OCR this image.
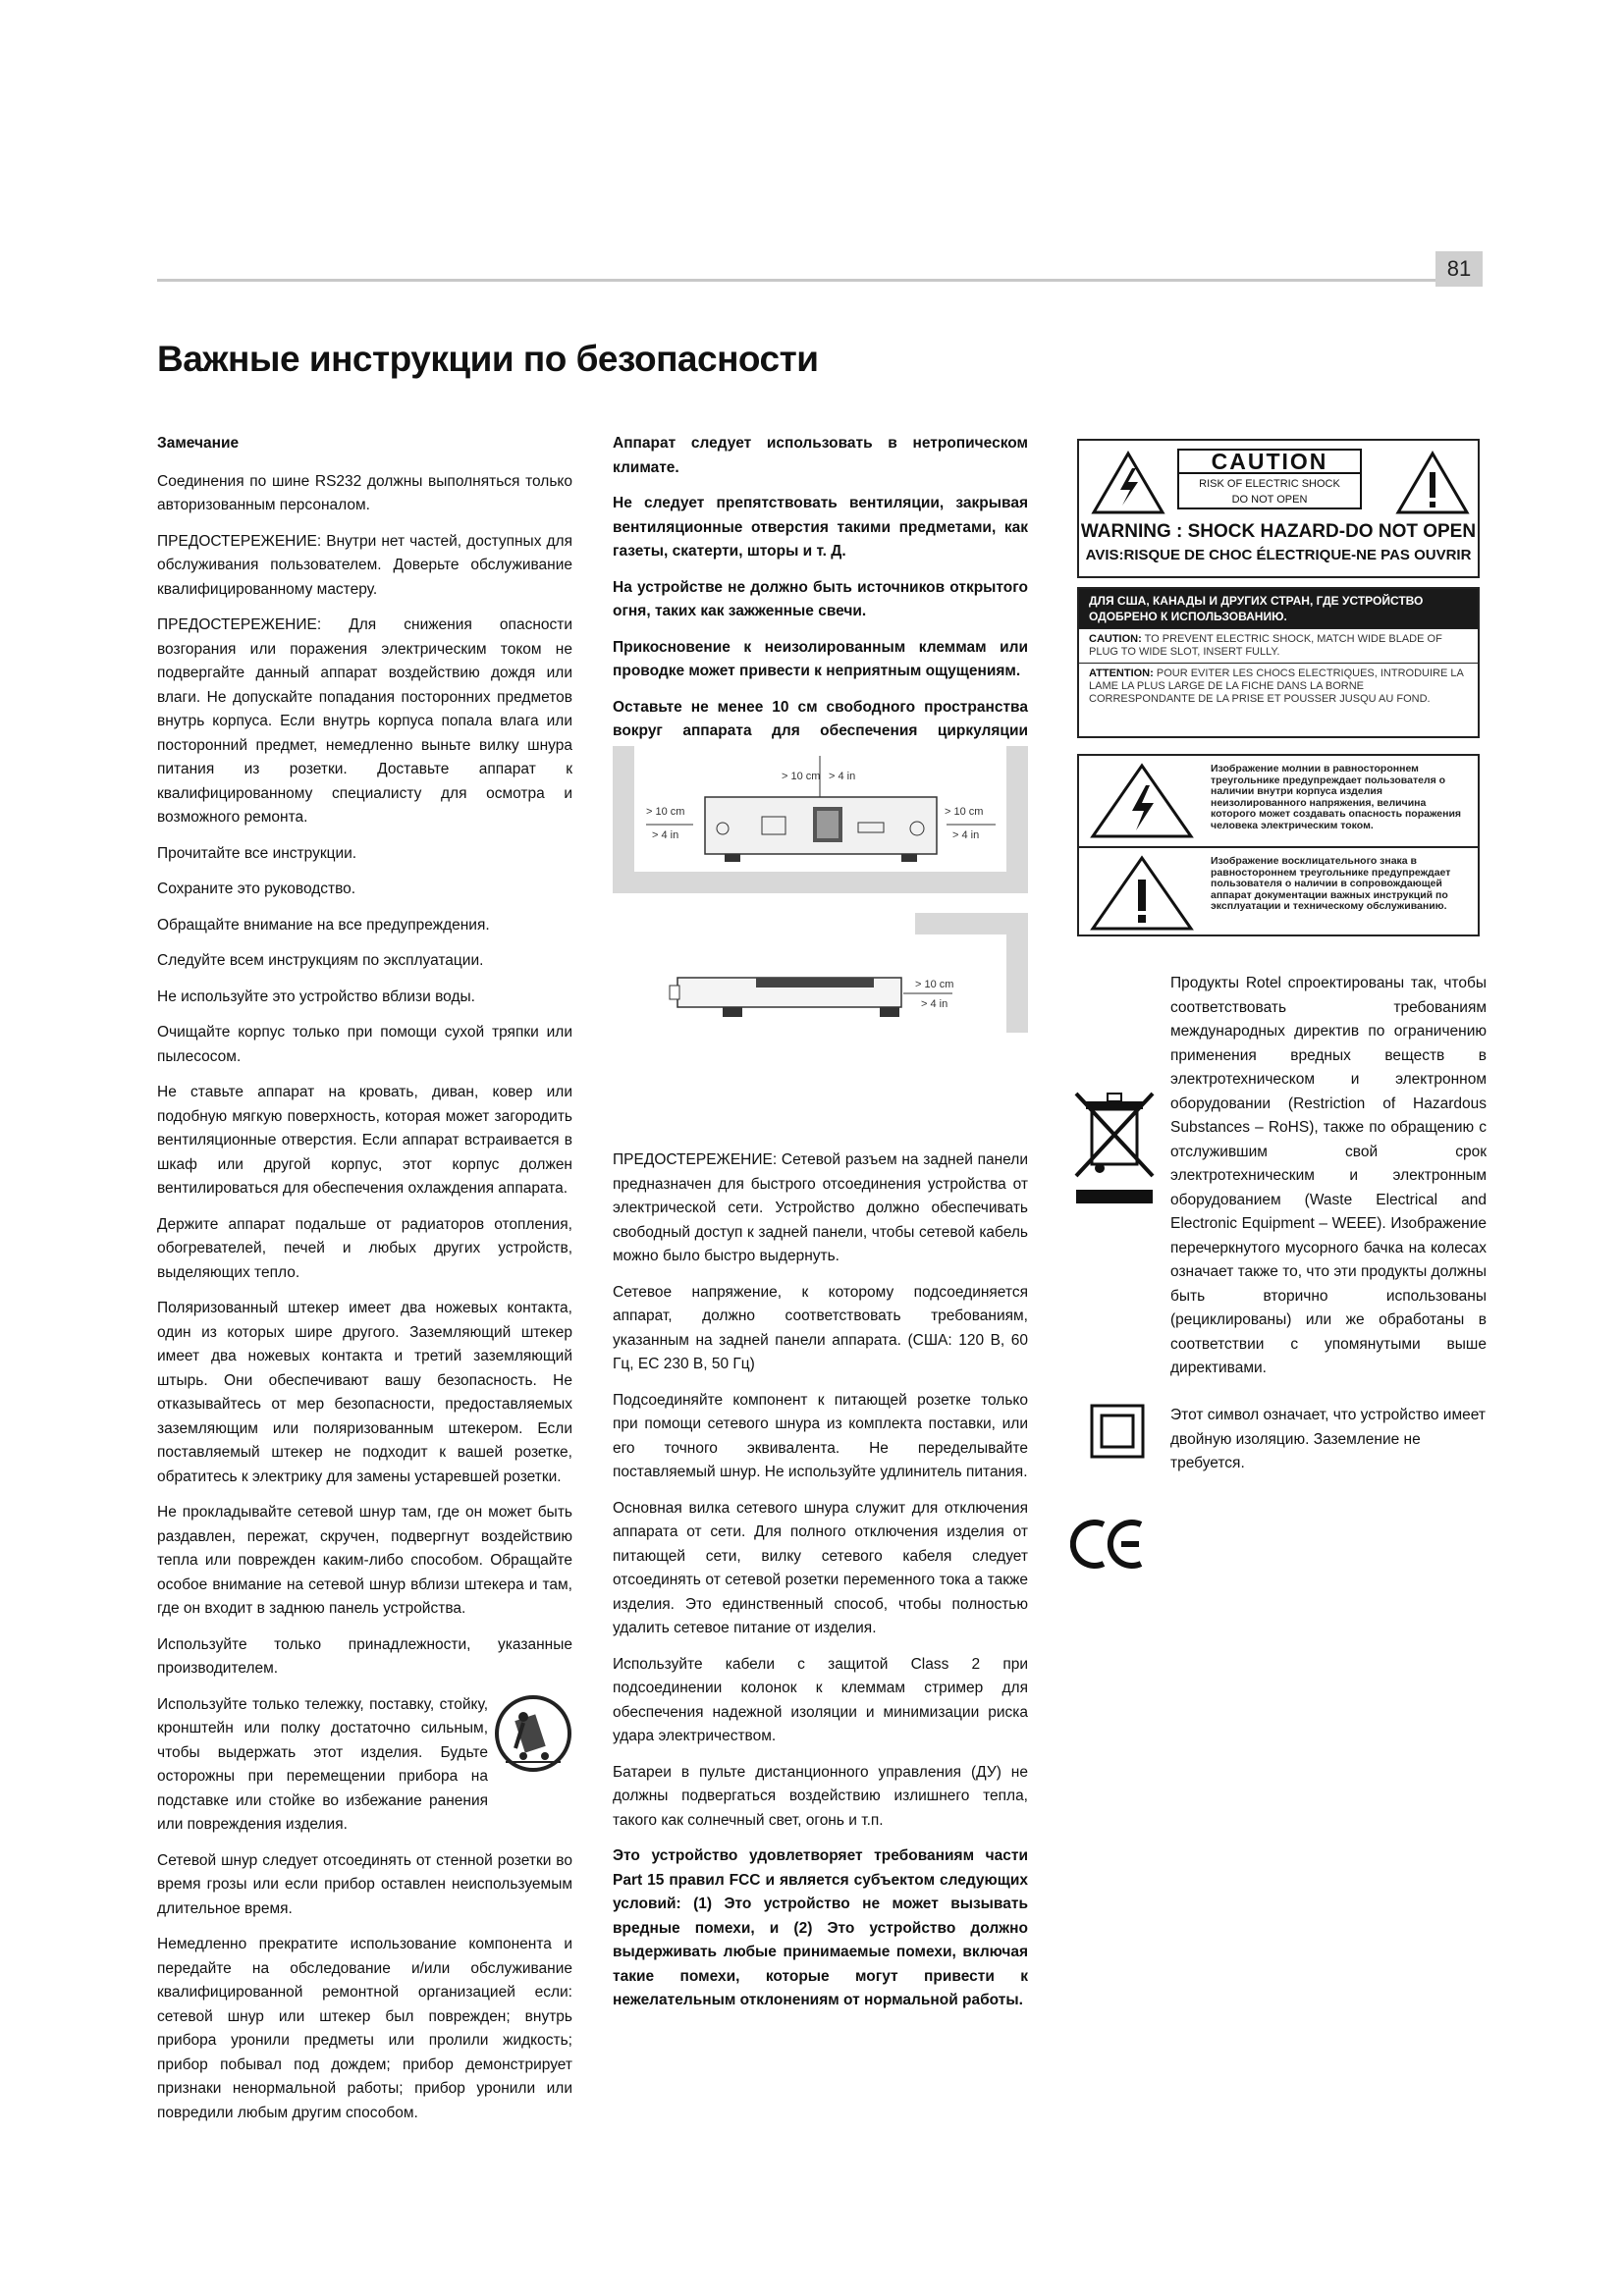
81
Важные инструкции по безопасности

Замечание

Соединения по шине RS232 должны выполняться только авторизованным персоналом.

ПРЕДОСТЕРЕЖЕНИЕ: Внутри нет частей, доступных для обслуживания пользователем. Доверьте обслуживание квалифицированному мастеру.

ПРЕДОСТЕРЕЖЕНИЕ: Для снижения опасности возгорания или поражения электрическим током не подвергайте данный аппарат воздействию дождя или влаги. Не допускайте попадания посторонних предметов внутрь корпуса. Если внутрь корпуса попала влага или посторонний предмет, немедленно выньте вилку шнура питания из розетки. Доставьте аппарат к квалифицированному специалисту для осмотра и возможного ремонта.

Прочитайте все инструкции.

Сохраните это руководство.

Обращайте внимание на все предупреждения.

Следуйте всем инструкциям по эксплуатации.

Не используйте это устройство вблизи воды.

Очищайте корпус только при помощи сухой тряпки или пылесосом.

Не ставьте аппарат на кровать, диван, ковер или подобную мягкую поверхность, которая может загородить вентиляционные отверстия. Если аппарат встраивается в шкаф или другой корпус, этот корпус должен вентилироваться для обеспечения охлаждения аппарата.

Держите аппарат подальше от радиаторов отопления, обогревателей, печей и любых других устройств, выделяющих тепло.

Поляризованный штекер имеет два ножевых контакта, один из которых шире другого. Заземляющий штекер имеет два ножевых контакта и третий заземляющий штырь. Они обеспечивают вашу безопасность. Не отказывайтесь от мер безопасности, предоставляемых заземляющим или поляризованным штекером. Если поставляемый штекер не подходит к вашей розетке, обратитесь к электрику для замены устаревшей розетки.

Не прокладывайте сетевой шнур там, где он может быть раздавлен, пережат, скручен, подвергнут воздействию тепла или поврежден каким-либо способом. Обращайте особое внимание на сетевой шнур вблизи штекера и там, где он входит в заднюю панель устройства.

Используйте только принадлежности, указанные производителем.

Используйте только тележку, поставку, стойку, кронштейн или полку достаточно сильным, чтобы выдержать этот изделия. Будьте осторожны при перемещении прибора на подставке или стойке во избежание ранения или повреждения изделия.

Сетевой шнур следует отсоединять от стенной розетки во время грозы или если прибор оставлен неиспользуемым длительное время.

Немедленно прекратите использование компонента и передайте на обследование и/или обслуживание квалифицированной ремонтной организацией если: сетевой шнур или штекер был поврежден; внутрь прибора уронили предметы или пролили жидкость; прибор побывал под дождем; прибор демонстрирует признаки ненормальной работы; прибор уронили или повредили любым другим способом.

Аппарат следует использовать в нетропическом климате.

Не следует препятствовать вентиляции, закрывая вентиляционные отверстия такими предметами, как газеты, скатерти, шторы и т. Д.

На устройстве не должно быть источников открытого огня, таких как зажженные свечи.

Прикосновение к неизолированным клеммам или проводке может привести к неприятным ощущениям.

Оставьте не менее 10 см свободного пространства вокруг аппарата для обеспечения циркуляции

ПРЕДОСТЕРЕЖЕНИЕ: Сетевой разъем на задней панели предназначен для быстрого отсоединения устройства от электрической сети. Устройство должно обеспечивать свободный доступ к задней панели, чтобы сетевой кабель можно было быстро выдернуть.

Сетевое напряжение, к которому подсоединяется аппарат, должно соответствовать требованиям, указанным на задней панели аппарата. (США: 120 В, 60 Гц, ЕС 230 В, 50 Гц)

Подсоединяйте компонент к питающей розетке только при помощи сетевого шнура из комплекта поставки, или его точного эквивалента. Не переделывайте поставляемый шнур. Не используйте удлинитель питания.

Основная вилка сетевого шнура служит для отключения аппарата от сети. Для полного отключения изделия от питающей сети, вилку сетевого кабеля следует отсоединять от сетевой розетки переменного тока а также изделия. Это единственный способ, чтобы полностью удалить сетевое питание от изделия.

Используйте кабели с защитой Class 2 при подсоединении колонок к клеммам стример для обеспечения надежной изоляции и минимизации риска удара электричеством.

Батареи в пульте дистанционного управления (ДУ) не должны подвергаться воздействию излишнего тепла, такого как солнечный свет, огонь и т.п.

Это устройство удовлетворяет требованиям части Part 15 правил FCC и является субъектом следующих условий: (1) Это устройство не может вызывать вредные помехи, и (2) Это устройство должно выдерживать любые принимаемые помехи, включая такие помехи, которые могут привести к нежелательным отклонениям от нормальной работы.

> 10 cm > 4 in
> 10 cm
> 4 in
> 10 cm
> 4 in
> 10 cm
> 4 in
CAUTION
RISK OF ELECTRIC SHOCK
DO NOT OPEN
WARNING : SHOCK HAZARD-DO NOT OPEN
AVIS:RISQUE DE CHOC ÉLECTRIQUE-NE PAS OUVRIR
ДЛЯ США, КАНАДЫ И ДРУГИХ СТРАН, ГДЕ УСТРОЙСТВО ОДОБРЕНО К ИСПОЛЬЗОВАНИЮ.
CAUTION: TO PREVENT ELECTRIC SHOCK, MATCH WIDE BLADE OF PLUG TO WIDE SLOT, INSERT FULLY.
ATTENTION: POUR EVITER LES CHOCS ELECTRIQUES, INTRODUIRE LA LAME LA PLUS LARGE DE LA FICHE DANS LA BORNE CORRESPONDANTE DE LA PRISE ET POUSSER JUSQU AU FOND.
Изображение молнии в равностороннем треугольнике предупреждает пользователя о наличии внутри корпуса изделия неизолированного напряжения, величина которого может создавать опасность поражения человека электрическим током.
Изображение восклицательного знака в равностороннем треугольнике предупреждает пользователя о наличии в сопровождающей аппарат документации важных инструкций по эксплуатации и техническому обслуживанию.

Продукты Rotel спроектированы так, чтобы соответствовать требованиям международных директив по ограничению применения вредных веществ в электротехническом и электронном оборудовании (Restriction of Hazardous Substances – RoHS), также по обращению с отслужившим свой срок электротехническим и электронным оборудованием (Waste Electrical and Electronic Equipment – WEEE). Изображение перечеркнутого мусорного бачка на колесах означает также то, что эти продукты должны быть вторично использованы (рециклированы) или же обработаны в соответствии с упомянутыми выше директивами.

Этот символ означает, что устройство имеет двойную изоляцию. Заземление не требуется.
